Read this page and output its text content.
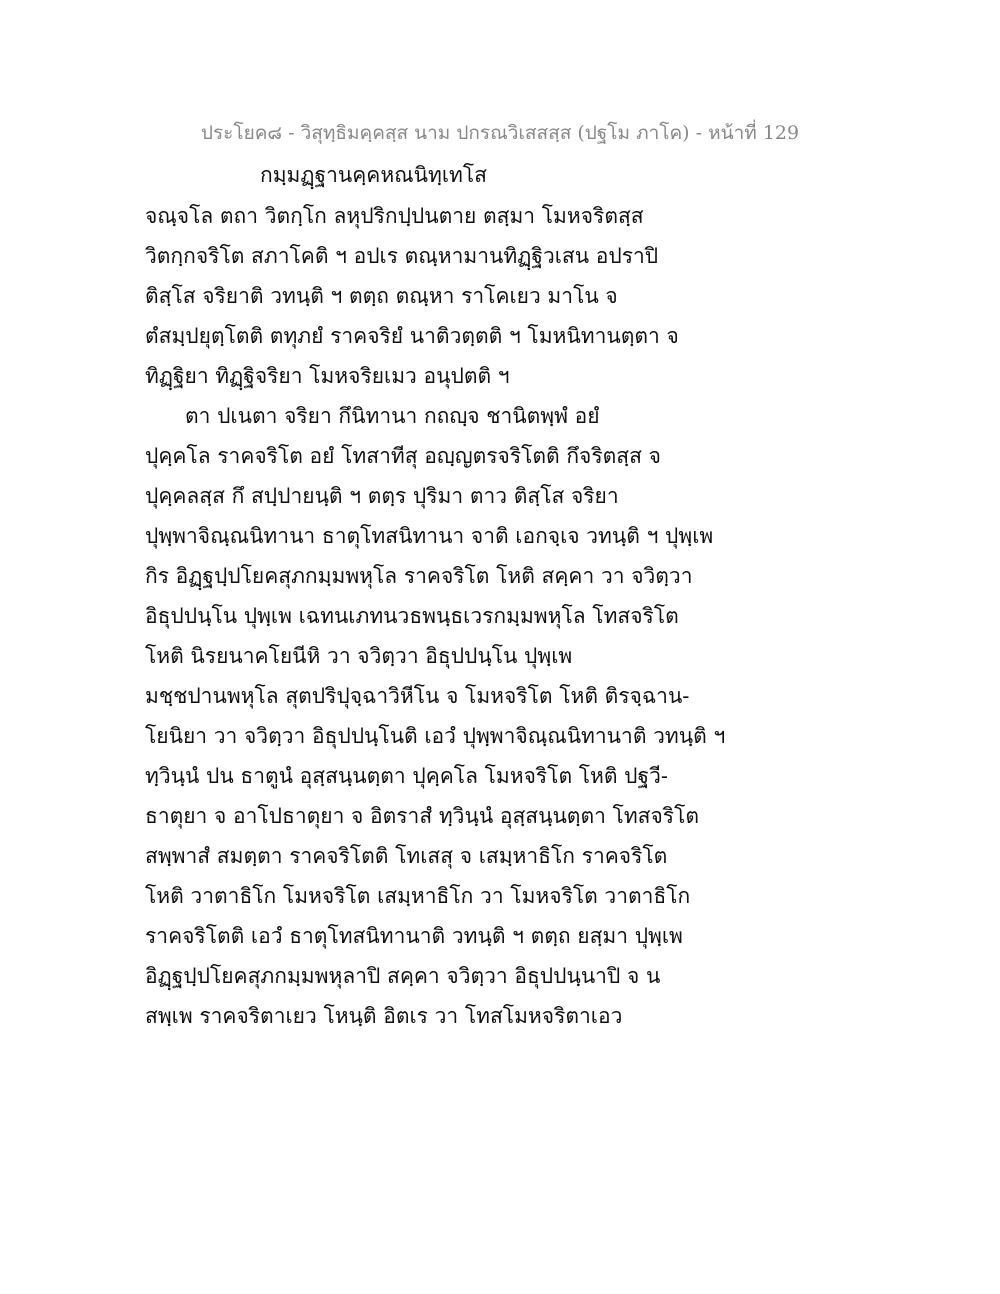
ประโยค๘ - วิสุทฺธิมคฺคสฺส นาม ปกรณวิเสสสฺส (ปฐโม ภาโค) - หน้าที่ 129
กมฺมฏฺฐานคฺคหณนิทฺเทโส
จณฺจโล ตถา วิตกฺโก ลหุปริกปฺปนตาย ตสฺมา โมหจริตสฺส
วิตกฺกจริโต สภาโคติ ฯ อปเร ตณฺหามานทิฏฺฐิวเสน อปราปิ
ติสฺโส จริยาติ วทนฺติ ฯ ตตฺถ ตณฺหา ราโคเยว มาโน จ
ตํสมฺปยุตฺโตติ ตทุภยํ ราคจริยํ นาติวตฺตติ ฯ โมหนิทานตฺตา จ
ทิฏฺฐิยา ทิฏฺฐิจริยา โมหจริยเมว อนุปตติ ฯ
ตา ปเนตา จริยา กึนิทานา กถญฺจ ชานิตพฺพํ อยํ
ปุคฺคโล ราคจริโต อยํ โทสาทีสุ อญฺญตรจริโตติ กึจริตสฺส จ
ปุคฺคลสฺส กึ สปฺปายนฺติ ฯ ตตฺร ปุริมา ตาว ติสฺโส จริยา
ปุพฺพาจิณฺณนิทานา ธาตุโทสนิทานา จาติ เอกจฺเจ วทนฺติ ฯ ปุพฺเพ
กิร อิฏฺฐปฺปโยคสุภกมฺมพหุโล ราคจริโต โหติ สคฺคา วา จวิตฺวา
อิธุปปนฺโน ปุพฺเพ เฉทนเภทนวธพนฺธเวรกมฺมพหุโล โทสจริโต
โหติ นิรยนาคโยนีหิ วา จวิตฺวา อิธุปปนฺโน ปุพฺเพ
มชฺชปานพหุโล สุตปริปุจฺฉาวิหีโน จ โมหจริโต โหติ ติรจฺฉาน-
โยนิยา วา จวิตฺวา อิธุปปนฺโนติ เอวํ ปุพฺพาจิณฺณนิทานาติ วทนฺติ ฯ
ทฺวินฺนํ ปน ธาตูนํ อุสฺสนฺนตฺตา ปุคฺคโล โมหจริโต โหติ ปฐวี-
ธาตุยา จ อาโปธาตุยา จ อิตราสํ ทฺวินฺนํ อุสฺสนฺนตฺตา โทสจริโต
สพฺพาสํ สมตฺตา ราคจริโตติ โทเสสุ จ เสมฺหาธิโก ราคจริโต
โหติ วาตาธิโก โมหจริโต เสมฺหาธิโก วา โมหจริโต วาตาธิโก
ราคจริโตติ เอวํ ธาตุโทสนิทานาติ วทนฺติ ฯ ตตฺถ ยสฺมา ปุพฺเพ
อิฏฺฐปฺปโยคสุภกมฺมพหุลาปิ สคฺคา จวิตฺวา อิธุปปนฺนาปิ จ น
สพฺเพ ราคจริตาเยว โหนฺติ อิตเร วา โทสโมหจริตาเอว
